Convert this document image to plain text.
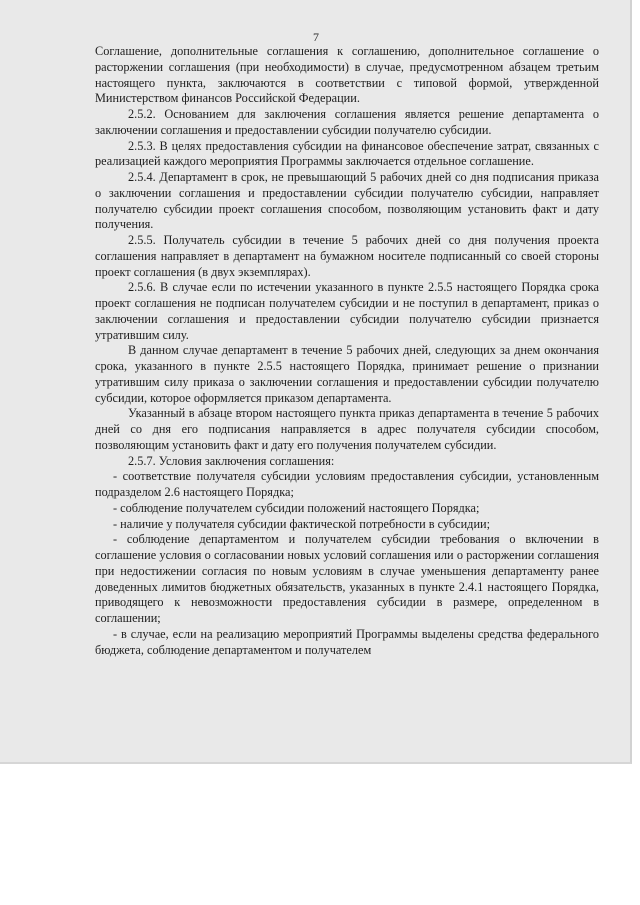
7

Соглашение, дополнительные соглашения к соглашению, дополнительное соглашение о расторжении соглашения (при необходимости) в случае, предусмотренном абзацем третьим настоящего пункта, заключаются в соответствии с типовой формой, утвержденной Министерством финансов Российской Федерации.

2.5.2. Основанием для заключения соглашения является решение департамента о заключении соглашения и предоставлении субсидии получателю субсидии.

2.5.3. В целях предоставления субсидии на финансовое обеспечение затрат, связанных с реализацией каждого мероприятия Программы заключается отдельное соглашение.

2.5.4. Департамент в срок, не превышающий 5 рабочих дней со дня подписания приказа о заключении соглашения и предоставлении субсидии получателю субсидии, направляет получателю субсидии проект соглашения способом, позволяющим установить факт и дату получения.

2.5.5. Получатель субсидии в течение 5 рабочих дней со дня получения проекта соглашения направляет в департамент на бумажном носителе подписанный со своей стороны проект соглашения (в двух экземплярах).

2.5.6. В случае если по истечении указанного в пункте 2.5.5 настоящего Порядка срока проект соглашения не подписан получателем субсидии и не поступил в департамент, приказ о заключении соглашения и предоставлении субсидии получателю субсидии признается утратившим силу.

В данном случае департамент в течение 5 рабочих дней, следующих за днем окончания срока, указанного в пункте 2.5.5 настоящего Порядка, принимает решение о признании утратившим силу приказа о заключении соглашения и предоставлении субсидии получателю субсидии, которое оформляется приказом департамента.

Указанный в абзаце втором настоящего пункта приказ департамента в течение 5 рабочих дней со дня его подписания направляется в адрес получателя субсидии способом, позволяющим установить факт и дату его получения получателем субсидии.

2.5.7. Условия заключения соглашения:

- соответствие получателя субсидии условиям предоставления субсидии, установленным подразделом 2.6 настоящего Порядка;

- соблюдение получателем субсидии положений настоящего Порядка;

- наличие у получателя субсидии фактической потребности в субсидии;

- соблюдение департаментом и получателем субсидии требования о включении в соглашение условия о согласовании новых условий соглашения или о расторжении соглашения при недостижении согласия по новым условиям в случае уменьшения департаменту ранее доведенных лимитов бюджетных обязательств, указанных в пункте 2.4.1 настоящего Порядка, приводящего к невозможности предоставления субсидии в размере, определенном в соглашении;

- в случае, если на реализацию мероприятий Программы выделены средства федерального бюджета, соблюдение департаментом и получателем
